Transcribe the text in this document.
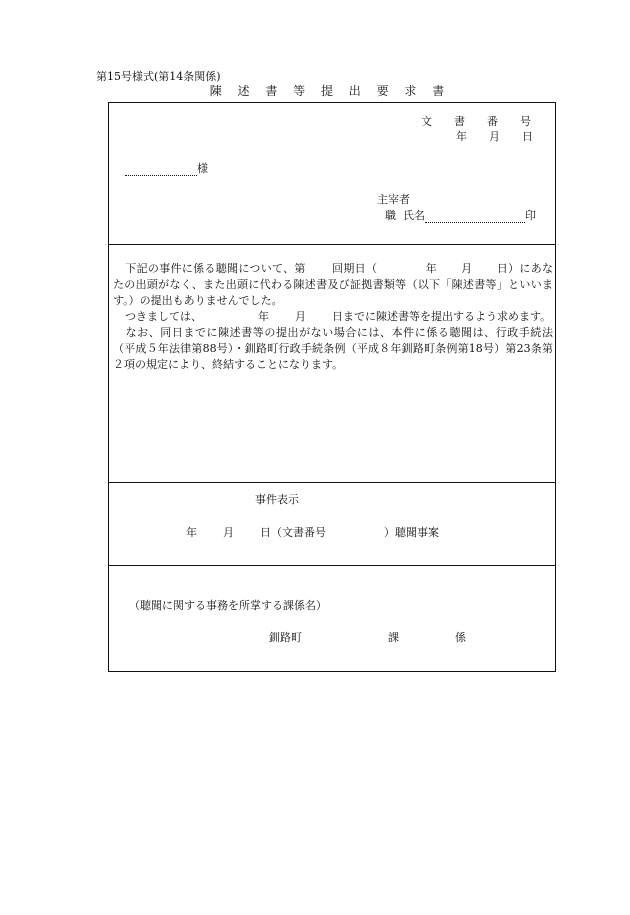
第15号様式(第14条関係)
陳 述 書 等 提 出 要 求 書
文　　書　　番　　号
年　　月　　日
様
主宰者
職 氏名	印

下記の事件に係る聴聞について、第 回期日（	年 月 日）にあなたの出頭がなく、また出頭に代わる陳述書及び証拠書類等（以下「陳述書等」といいます。）の提出もありませんでした。

つきましては、	年 月 日までに陳述書等を提出するよう求めます。

なお、同日までに陳述書等の提出がない場合には、本件に係る聴聞は、行政手続法（平成５年法律第88号）・釧路町行政手続条例（平成８年釧路町条例第18号）第23条第２項の規定により、終結することになります。

事件表示
年 月 日（文書番号	）聴聞事案
（聴聞に関する事務を所掌する課係名）
釧路町	課	係
